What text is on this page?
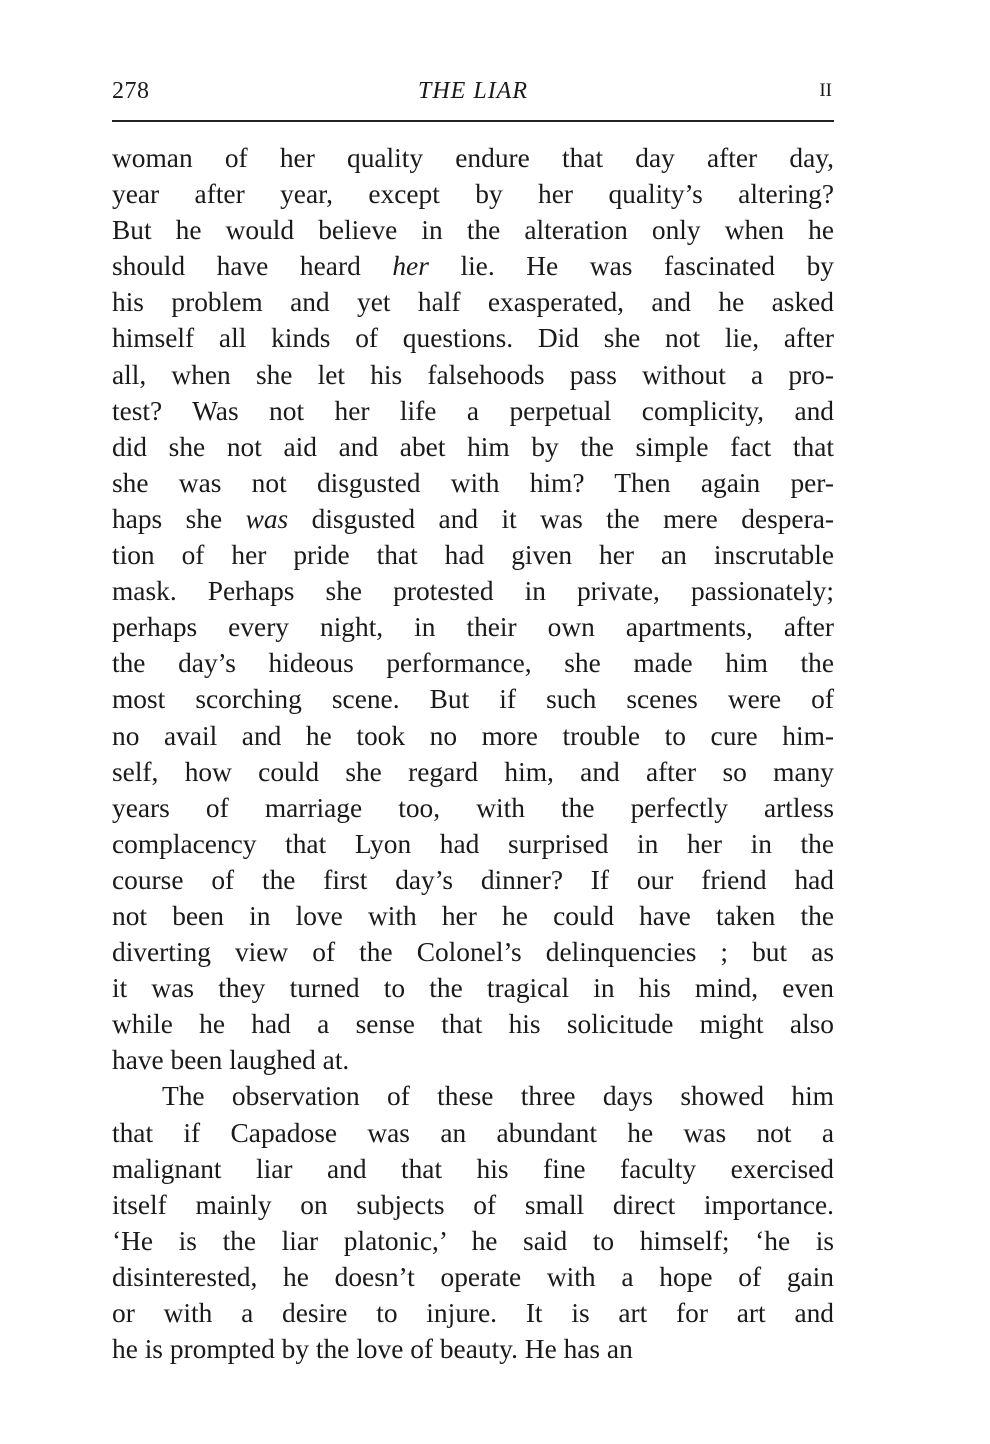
278	THE LIAR	II
woman of her quality endure that day after day,
year after year, except by her quality’s altering?
But he would believe in the alteration only when he
should have heard her lie. He was fascinated by
his problem and yet half exasperated, and he asked
himself all kinds of questions. Did she not lie, after
all, when she let his falsehoods pass without a pro-
test? Was not her life a perpetual complicity, and
did she not aid and abet him by the simple fact that
she was not disgusted with him? Then again per-
haps she was disgusted and it was the mere despera-
tion of her pride that had given her an inscrutable
mask. Perhaps she protested in private, passionately;
perhaps every night, in their own apartments, after
the day’s hideous performance, she made him the
most scorching scene. But if such scenes were of
no avail and he took no more trouble to cure him-
self, how could she regard him, and after so many
years of marriage too, with the perfectly artless
complacency that Lyon had surprised in her in the
course of the first day’s dinner? If our friend had
not been in love with her he could have taken the
diverting view of the Colonel’s delinquencies ; but as
it was they turned to the tragical in his mind, even
while he had a sense that his solicitude might also
have been laughed at.
The observation of these three days showed him
that if Capadose was an abundant he was not a
malignant liar and that his fine faculty exercised
itself mainly on subjects of small direct importance.
‘He is the liar platonic,’ he said to himself; ‘he is
disinterested, he doesn’t operate with a hope of gain
or with a desire to injure. It is art for art and
he is prompted by the love of beauty. He has an
